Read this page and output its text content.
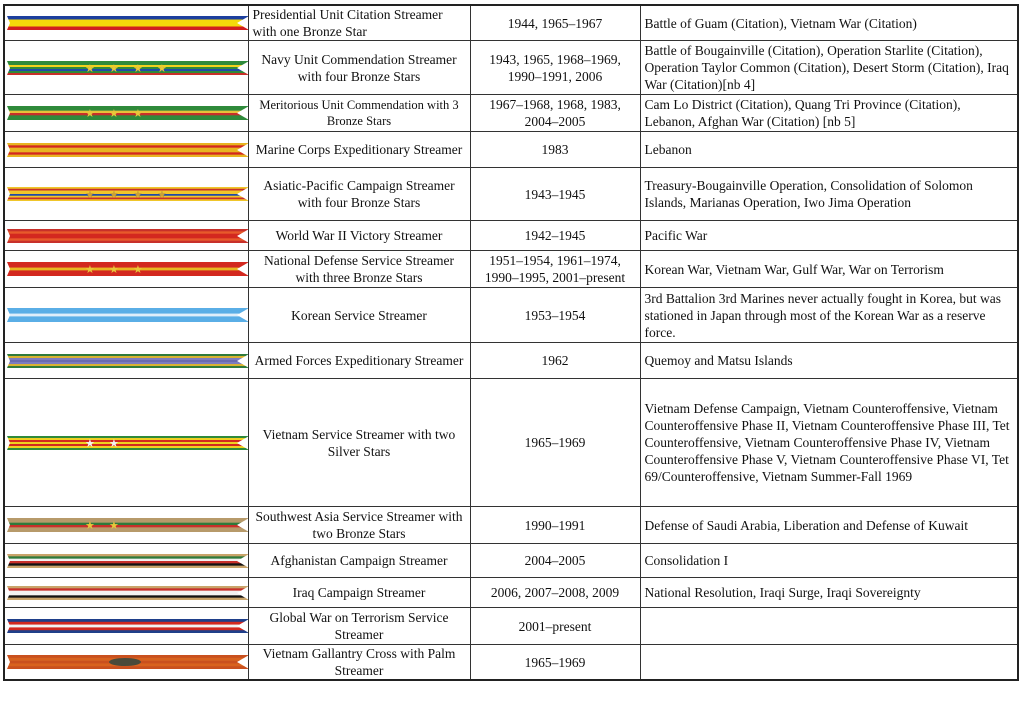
	Presidential Unit Citation Streamer with one Bronze Star	1944, 1965–1967	Battle of Guam (Citation), Vietnam War (Citation)

★ ★ ★ ★	Navy Unit Commendation Streamer with four Bronze Stars	1943, 1965, 1968–1969, 1990–1991, 2006	Battle of Bougainville (Citation), Operation Starlite (Citation), Operation Taylor Common (Citation), Desert Storm (Citation), Iraq War (Citation)[nb 4]

★ ★ ★	Meritorious Unit Commendation with 3 Bronze Stars	1967–1968, 1968, 1983, 2004–2005	Cam Lo District (Citation), Quang Tri Province (Citation), Lebanon, Afghan War (Citation) [nb 5]

	Marine Corps Expeditionary Streamer	1983	Lebanon

★ ★ ★ ★	Asiatic-Pacific Campaign Streamer with four Bronze Stars	1943–1945	Treasury-Bougainville Operation, Consolidation of Solomon Islands, Marianas Operation, Iwo Jima Operation

	World War II Victory Streamer	1942–1945	Pacific War

★ ★ ★	National Defense Service Streamer with three Bronze Stars	1951–1954, 1961–1974, 1990–1995, 2001–present	Korean War, Vietnam War, Gulf War, War on Terrorism

	Korean Service Streamer	1953–1954	3rd Battalion 3rd Marines never actually fought in Korea, but was stationed in Japan through most of the Korean War as a reserve force.

	Armed Forces Expeditionary Streamer	1962	Quemoy and Matsu Islands

★ ★	Vietnam Service Streamer with two Silver Stars	1965–1969	Vietnam Defense Campaign, Vietnam Counteroffensive, Vietnam Counteroffensive Phase II, Vietnam Counteroffensive Phase III, Tet Counteroffensive, Vietnam Counteroffensive Phase IV, Vietnam Counteroffensive Phase V, Vietnam Counteroffensive Phase VI, Tet 69/Counteroffensive, Vietnam Summer-Fall 1969

★ ★	Southwest Asia Service Streamer with two Bronze Stars	1990–1991	Defense of Saudi Arabia, Liberation and Defense of Kuwait

	Afghanistan Campaign Streamer	2004–2005	Consolidation I

	Iraq Campaign Streamer	2006, 2007–2008, 2009	National Resolution, Iraqi Surge, Iraqi Sovereignty

	Global War on Terrorism Service Streamer	2001–present	

	Vietnam Gallantry Cross with Palm Streamer	1965–1969	
